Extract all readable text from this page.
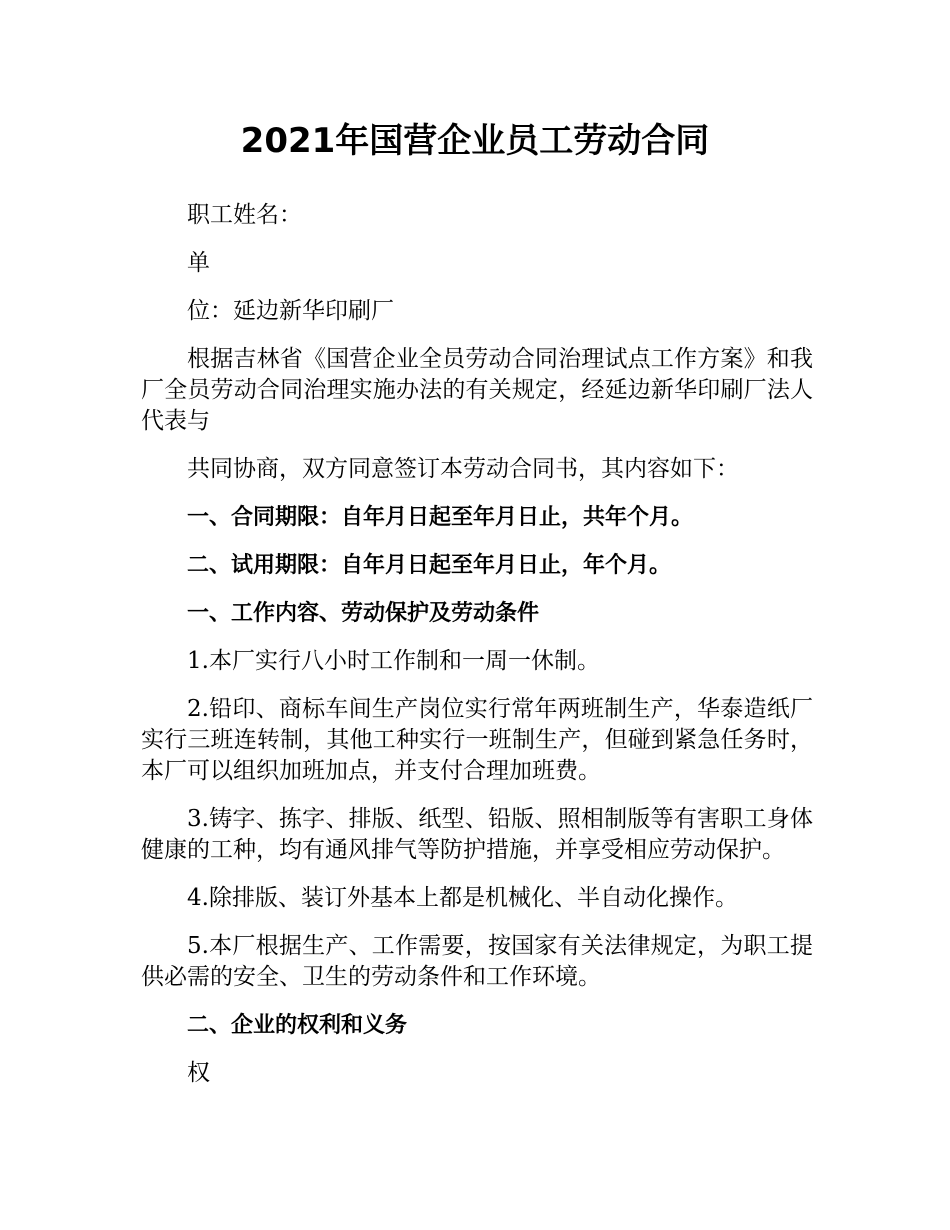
2021年国营企业员工劳动合同

职工姓名：

单

位：延边新华印刷厂

根据吉林省《国营企业全员劳动合同治理试点工作方案》和我厂全员劳动合同治理实施办法的有关规定，经延边新华印刷厂法人代表与

共同协商，双方同意签订本劳动合同书，其内容如下：

一、合同期限：自年月日起至年月日止，共年个月。

二、试用期限：自年月日起至年月日止，年个月。

一、工作内容、劳动保护及劳动条件

1.本厂实行八小时工作制和一周一休制。

2.铅印、商标车间生产岗位实行常年两班制生产，华泰造纸厂实行三班连转制，其他工种实行一班制生产，但碰到紧急任务时，本厂可以组织加班加点，并支付合理加班费。

3.铸字、拣字、排版、纸型、铅版、照相制版等有害职工身体健康的工种，均有通风排气等防护措施，并享受相应劳动保护。

4.除排版、装订外基本上都是机械化、半自动化操作。

5.本厂根据生产、工作需要，按国家有关法律规定，为职工提供必需的安全、卫生的劳动条件和工作环境。

二、企业的权利和义务

权
